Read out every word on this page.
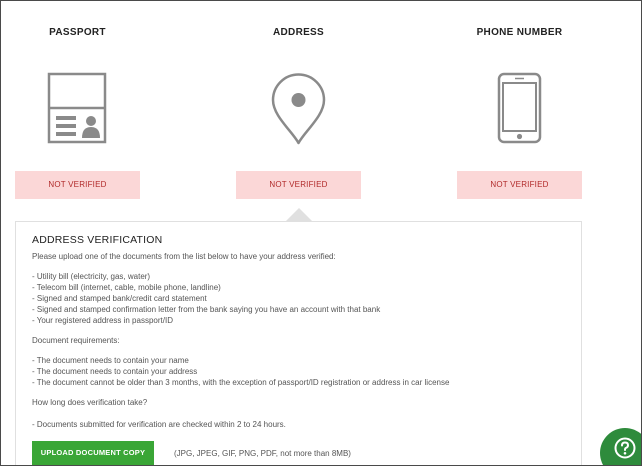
PASSPORT
NOT VERIFIED
ADDRESS
NOT VERIFIED
PHONE NUMBER
NOT VERIFIED
ADDRESS VERIFICATION
Please upload one of the documents from the list below to have your address verified:
- Utility bill (electricity, gas, water)
- Telecom bill (internet, cable, mobile phone, landline)
- Signed and stamped bank/credit card statement
- Signed and stamped confirmation letter from the bank saying you have an account with that bank
- Your registered address in passport/ID
Document requirements:
- The document needs to contain your name
- The document needs to contain your address
- The document cannot be older than 3 months, with the exception of passport/ID registration or address in car license
How long does verification take?
- Documents submitted for verification are checked within 2 to 24 hours.
UPLOAD DOCUMENT COPY	(JPG, JPEG, GIF, PNG, PDF, not more than 8MB)
